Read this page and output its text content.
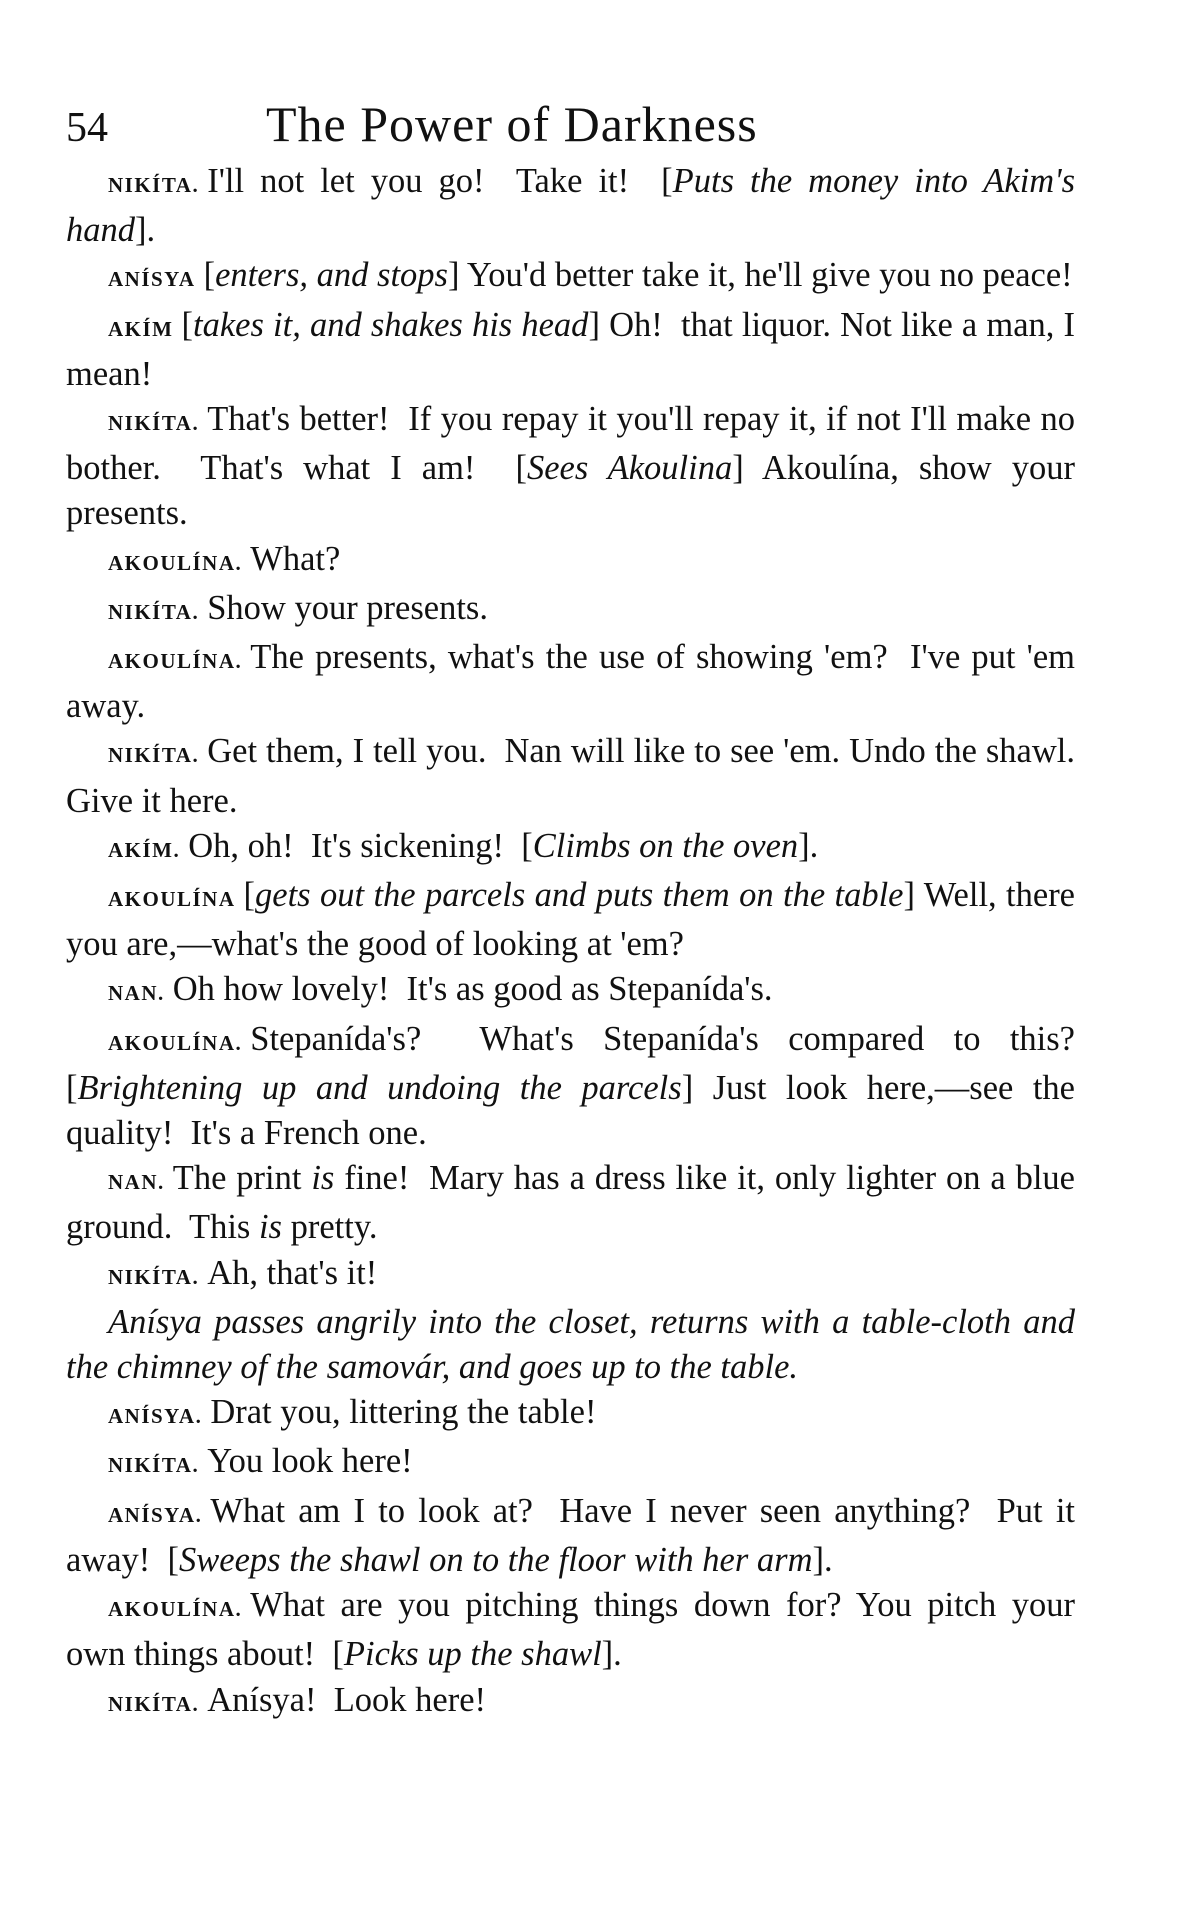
54	The Power of Darkness

NIKÍTA. I'll not let you go!  Take it!  [Puts the money into Akim's hand].

ANÍSYA [enters, and stops] You'd better take it, he'll give you no peace!

AKÍM [takes it, and shakes his head] Oh!  that liquor. Not like a man, I mean!

NIKÍTA. That's better!  If you repay it you'll repay it, if not I'll make no bother.  That's what I am!  [Sees Akoulina] Akoulína, show your presents.

AKOULÍNA. What?

NIKÍTA. Show your presents.

AKOULÍNA. The presents, what's the use of showing 'em?  I've put 'em away.

NIKÍTA. Get them, I tell you.  Nan will like to see 'em. Undo the shawl.  Give it here.

AKÍM. Oh, oh!  It's sickening!  [Climbs on the oven].

AKOULÍNA [gets out the parcels and puts them on the table] Well, there you are,—what's the good of looking at 'em?

NAN. Oh how lovely!  It's as good as Stepanída's.

AKOULÍNA. Stepanída's?  What's Stepanída's compared to this?  [Brightening up and undoing the parcels] Just look here,—see the quality!  It's a French one.

NAN. The print is fine!  Mary has a dress like it, only lighter on a blue ground.  This is pretty.

NIKÍTA. Ah, that's it!

Anísya passes angrily into the closet, returns with a table-cloth and the chimney of the samovár, and goes up to the table.

ANÍSYA. Drat you, littering the table!

NIKÍTA. You look here!

ANÍSYA. What am I to look at?  Have I never seen anything?  Put it away!  [Sweeps the shawl on to the floor with her arm].

AKOULÍNA. What are you pitching things down for? You pitch your own things about!  [Picks up the shawl].

NIKÍTA. Anísya!  Look here!
